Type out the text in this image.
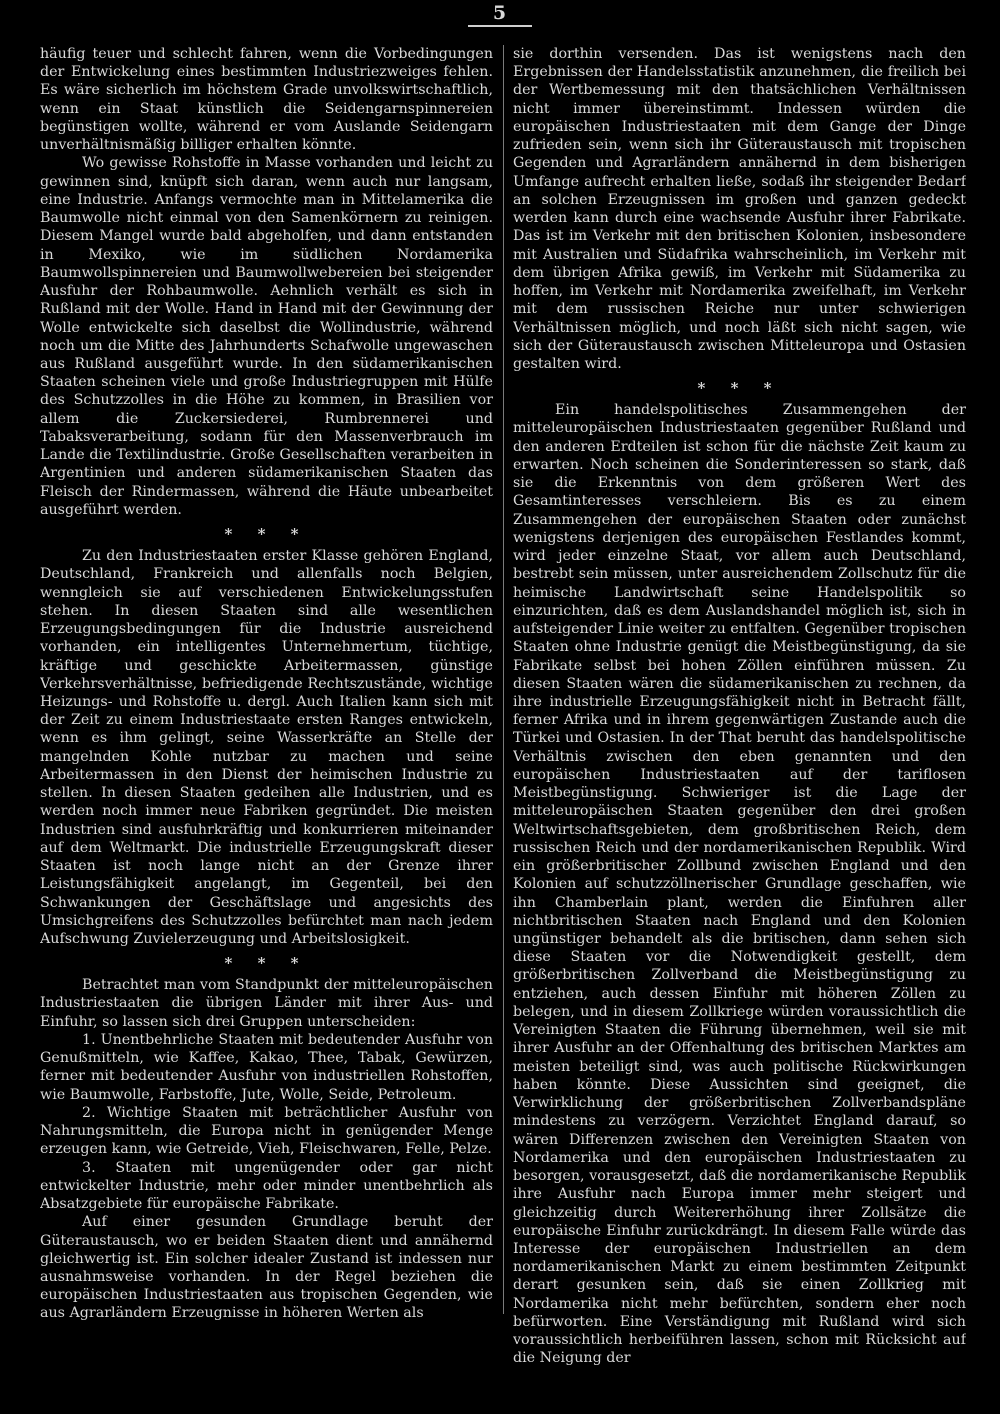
5

häufig teuer und schlecht fahren, wenn die Vorbedingungen der Entwickelung eines bestimmten Industriezweiges fehlen. Es wäre sicherlich im höchstem Grade unvolkswirtschaftlich, wenn ein Staat künstlich die Seidengarnspinnereien begünstigen wollte, während er vom Auslande Seidengarn unverhältnismäßig billiger erhalten könnte.

Wo gewisse Rohstoffe in Masse vorhanden und leicht zu gewinnen sind, knüpft sich daran, wenn auch nur langsam, eine Industrie. Anfangs vermochte man in Mittelamerika die Baumwolle nicht einmal von den Samenkörnern zu reinigen. Diesem Mangel wurde bald abgeholfen, und dann entstanden in Mexiko, wie im südlichen Nordamerika Baumwollspinnereien und Baumwollwebereien bei steigender Ausfuhr der Rohbaumwolle. Aehnlich verhält es sich in Rußland mit der Wolle. Hand in Hand mit der Gewinnung der Wolle entwickelte sich daselbst die Wollindustrie, während noch um die Mitte des Jahrhunderts Schafwolle ungewaschen aus Rußland ausgeführt wurde. In den südamerikanischen Staaten scheinen viele und große Industriegruppen mit Hülfe des Schutzzolles in die Höhe zu kommen, in Brasilien vor allem die Zuckersiederei, Rumbrennerei und Tabaksverarbeitung, sodann für den Massenverbrauch im Lande die Textilindustrie. Große Gesellschaften verarbeiten in Argentinien und anderen südamerikanischen Staaten das Fleisch der Rindermassen, während die Häute unbearbeitet ausgeführt werden.

* * *

Zu den Industriestaaten erster Klasse gehören England, Deutschland, Frankreich und allenfalls noch Belgien, wenngleich sie auf verschiedenen Entwickelungsstufen stehen. In diesen Staaten sind alle wesentlichen Erzeugungsbedingungen für die Industrie ausreichend vorhanden, ein intelligentes Unternehmertum, tüchtige, kräftige und geschickte Arbeitermassen, günstige Verkehrsverhältnisse, befriedigende Rechtszustände, wichtige Heizungs- und Rohstoffe u. dergl. Auch Italien kann sich mit der Zeit zu einem Industriestaate ersten Ranges entwickeln, wenn es ihm gelingt, seine Wasserkräfte an Stelle der mangelnden Kohle nutzbar zu machen und seine Arbeitermassen in den Dienst der heimischen Industrie zu stellen. In diesen Staaten gedeihen alle Industrien, und es werden noch immer neue Fabriken gegründet. Die meisten Industrien sind ausfuhrkräftig und konkurrieren miteinander auf dem Weltmarkt. Die industrielle Erzeugungskraft dieser Staaten ist noch lange nicht an der Grenze ihrer Leistungsfähigkeit angelangt, im Gegenteil, bei den Schwankungen der Geschäftslage und angesichts des Umsichgreifens des Schutzzolles befürchtet man nach jedem Aufschwung Zuvielerzeugung und Arbeitslosigkeit.

* * *

Betrachtet man vom Standpunkt der mitteleuropäischen Industriestaaten die übrigen Länder mit ihrer Aus- und Einfuhr, so lassen sich drei Gruppen unterscheiden:

1. Unentbehrliche Staaten mit bedeutender Ausfuhr von Genußmitteln, wie Kaffee, Kakao, Thee, Tabak, Gewürzen, ferner mit bedeutender Ausfuhr von industriellen Rohstoffen, wie Baumwolle, Farbstoffe, Jute, Wolle, Seide, Petroleum.

2. Wichtige Staaten mit beträchtlicher Ausfuhr von Nahrungsmitteln, die Europa nicht in genügender Menge erzeugen kann, wie Getreide, Vieh, Fleischwaren, Felle, Pelze.

3. Staaten mit ungenügender oder gar nicht entwickelter Industrie, mehr oder minder unentbehrlich als Absatzgebiete für europäische Fabrikate.

Auf einer gesunden Grundlage beruht der Güteraustausch, wo er beiden Staaten dient und annähernd gleichwertig ist. Ein solcher idealer Zustand ist indessen nur ausnahmsweise vorhanden. In der Regel beziehen die europäischen Industriestaaten aus tropischen Gegenden, wie aus Agrarländern Erzeugnisse in höheren Werten als

sie dorthin versenden. Das ist wenigstens nach den Ergebnissen der Handelsstatistik anzunehmen, die freilich bei der Wertbemessung mit den thatsächlichen Verhältnissen nicht immer übereinstimmt. Indessen würden die europäischen Industriestaaten mit dem Gange der Dinge zufrieden sein, wenn sich ihr Güteraustausch mit tropischen Gegenden und Agrarländern annähernd in dem bisherigen Umfange aufrecht erhalten ließe, sodaß ihr steigender Bedarf an solchen Erzeugnissen im großen und ganzen gedeckt werden kann durch eine wachsende Ausfuhr ihrer Fabrikate. Das ist im Verkehr mit den britischen Kolonien, insbesondere mit Australien und Südafrika wahrscheinlich, im Verkehr mit dem übrigen Afrika gewiß, im Verkehr mit Südamerika zu hoffen, im Verkehr mit Nordamerika zweifelhaft, im Verkehr mit dem russischen Reiche nur unter schwierigen Verhältnissen möglich, und noch läßt sich nicht sagen, wie sich der Güteraustausch zwischen Mitteleuropa und Ostasien gestalten wird.

* * *

Ein handelspolitisches Zusammengehen der mitteleuropäischen Industriestaaten gegenüber Rußland und den anderen Erdteilen ist schon für die nächste Zeit kaum zu erwarten. Noch scheinen die Sonderinteressen so stark, daß sie die Erkenntnis von dem größeren Wert des Gesamtinteresses verschleiern. Bis es zu einem Zusammengehen der europäischen Staaten oder zunächst wenigstens derjenigen des europäischen Festlandes kommt, wird jeder einzelne Staat, vor allem auch Deutschland, bestrebt sein müssen, unter ausreichendem Zollschutz für die heimische Landwirtschaft seine Handelspolitik so einzurichten, daß es dem Auslandshandel möglich ist, sich in aufsteigender Linie weiter zu entfalten. Gegenüber tropischen Staaten ohne Industrie genügt die Meistbegünstigung, da sie Fabrikate selbst bei hohen Zöllen einführen müssen. Zu diesen Staaten wären die südamerikanischen zu rechnen, da ihre industrielle Erzeugungsfähigkeit nicht in Betracht fällt, ferner Afrika und in ihrem gegenwärtigen Zustande auch die Türkei und Ostasien. In der That beruht das handelspolitische Verhältnis zwischen den eben genannten und den europäischen Industriestaaten auf der tariflosen Meistbegünstigung. Schwieriger ist die Lage der mitteleuropäischen Staaten gegenüber den drei großen Weltwirtschaftsgebieten, dem großbritischen Reich, dem russischen Reich und der nordamerikanischen Republik. Wird ein größerbritischer Zollbund zwischen England und den Kolonien auf schutzzöllnerischer Grundlage geschaffen, wie ihn Chamberlain plant, werden die Einfuhren aller nichtbritischen Staaten nach England und den Kolonien ungünstiger behandelt als die britischen, dann sehen sich diese Staaten vor die Notwendigkeit gestellt, dem größerbritischen Zollverband die Meistbegünstigung zu entziehen, auch dessen Einfuhr mit höheren Zöllen zu belegen, und in diesem Zollkriege würden voraussichtlich die Vereinigten Staaten die Führung übernehmen, weil sie mit ihrer Ausfuhr an der Offenhaltung des britischen Marktes am meisten beteiligt sind, was auch politische Rückwirkungen haben könnte. Diese Aussichten sind geeignet, die Verwirklichung der größerbritischen Zollverbandspläne mindestens zu verzögern. Verzichtet England darauf, so wären Differenzen zwischen den Vereinigten Staaten von Nordamerika und den europäischen Industriestaaten zu besorgen, vorausgesetzt, daß die nordamerikanische Republik ihre Ausfuhr nach Europa immer mehr steigert und gleichzeitig durch Weitererhöhung ihrer Zollsätze die europäische Einfuhr zurückdrängt. In diesem Falle würde das Interesse der europäischen Industriellen an dem nordamerikanischen Markt zu einem bestimmten Zeitpunkt derart gesunken sein, daß sie einen Zollkrieg mit Nordamerika nicht mehr befürchten, sondern eher noch befürworten. Eine Verständigung mit Rußland wird sich voraussichtlich herbeiführen lassen, schon mit Rücksicht auf die Neigung der
